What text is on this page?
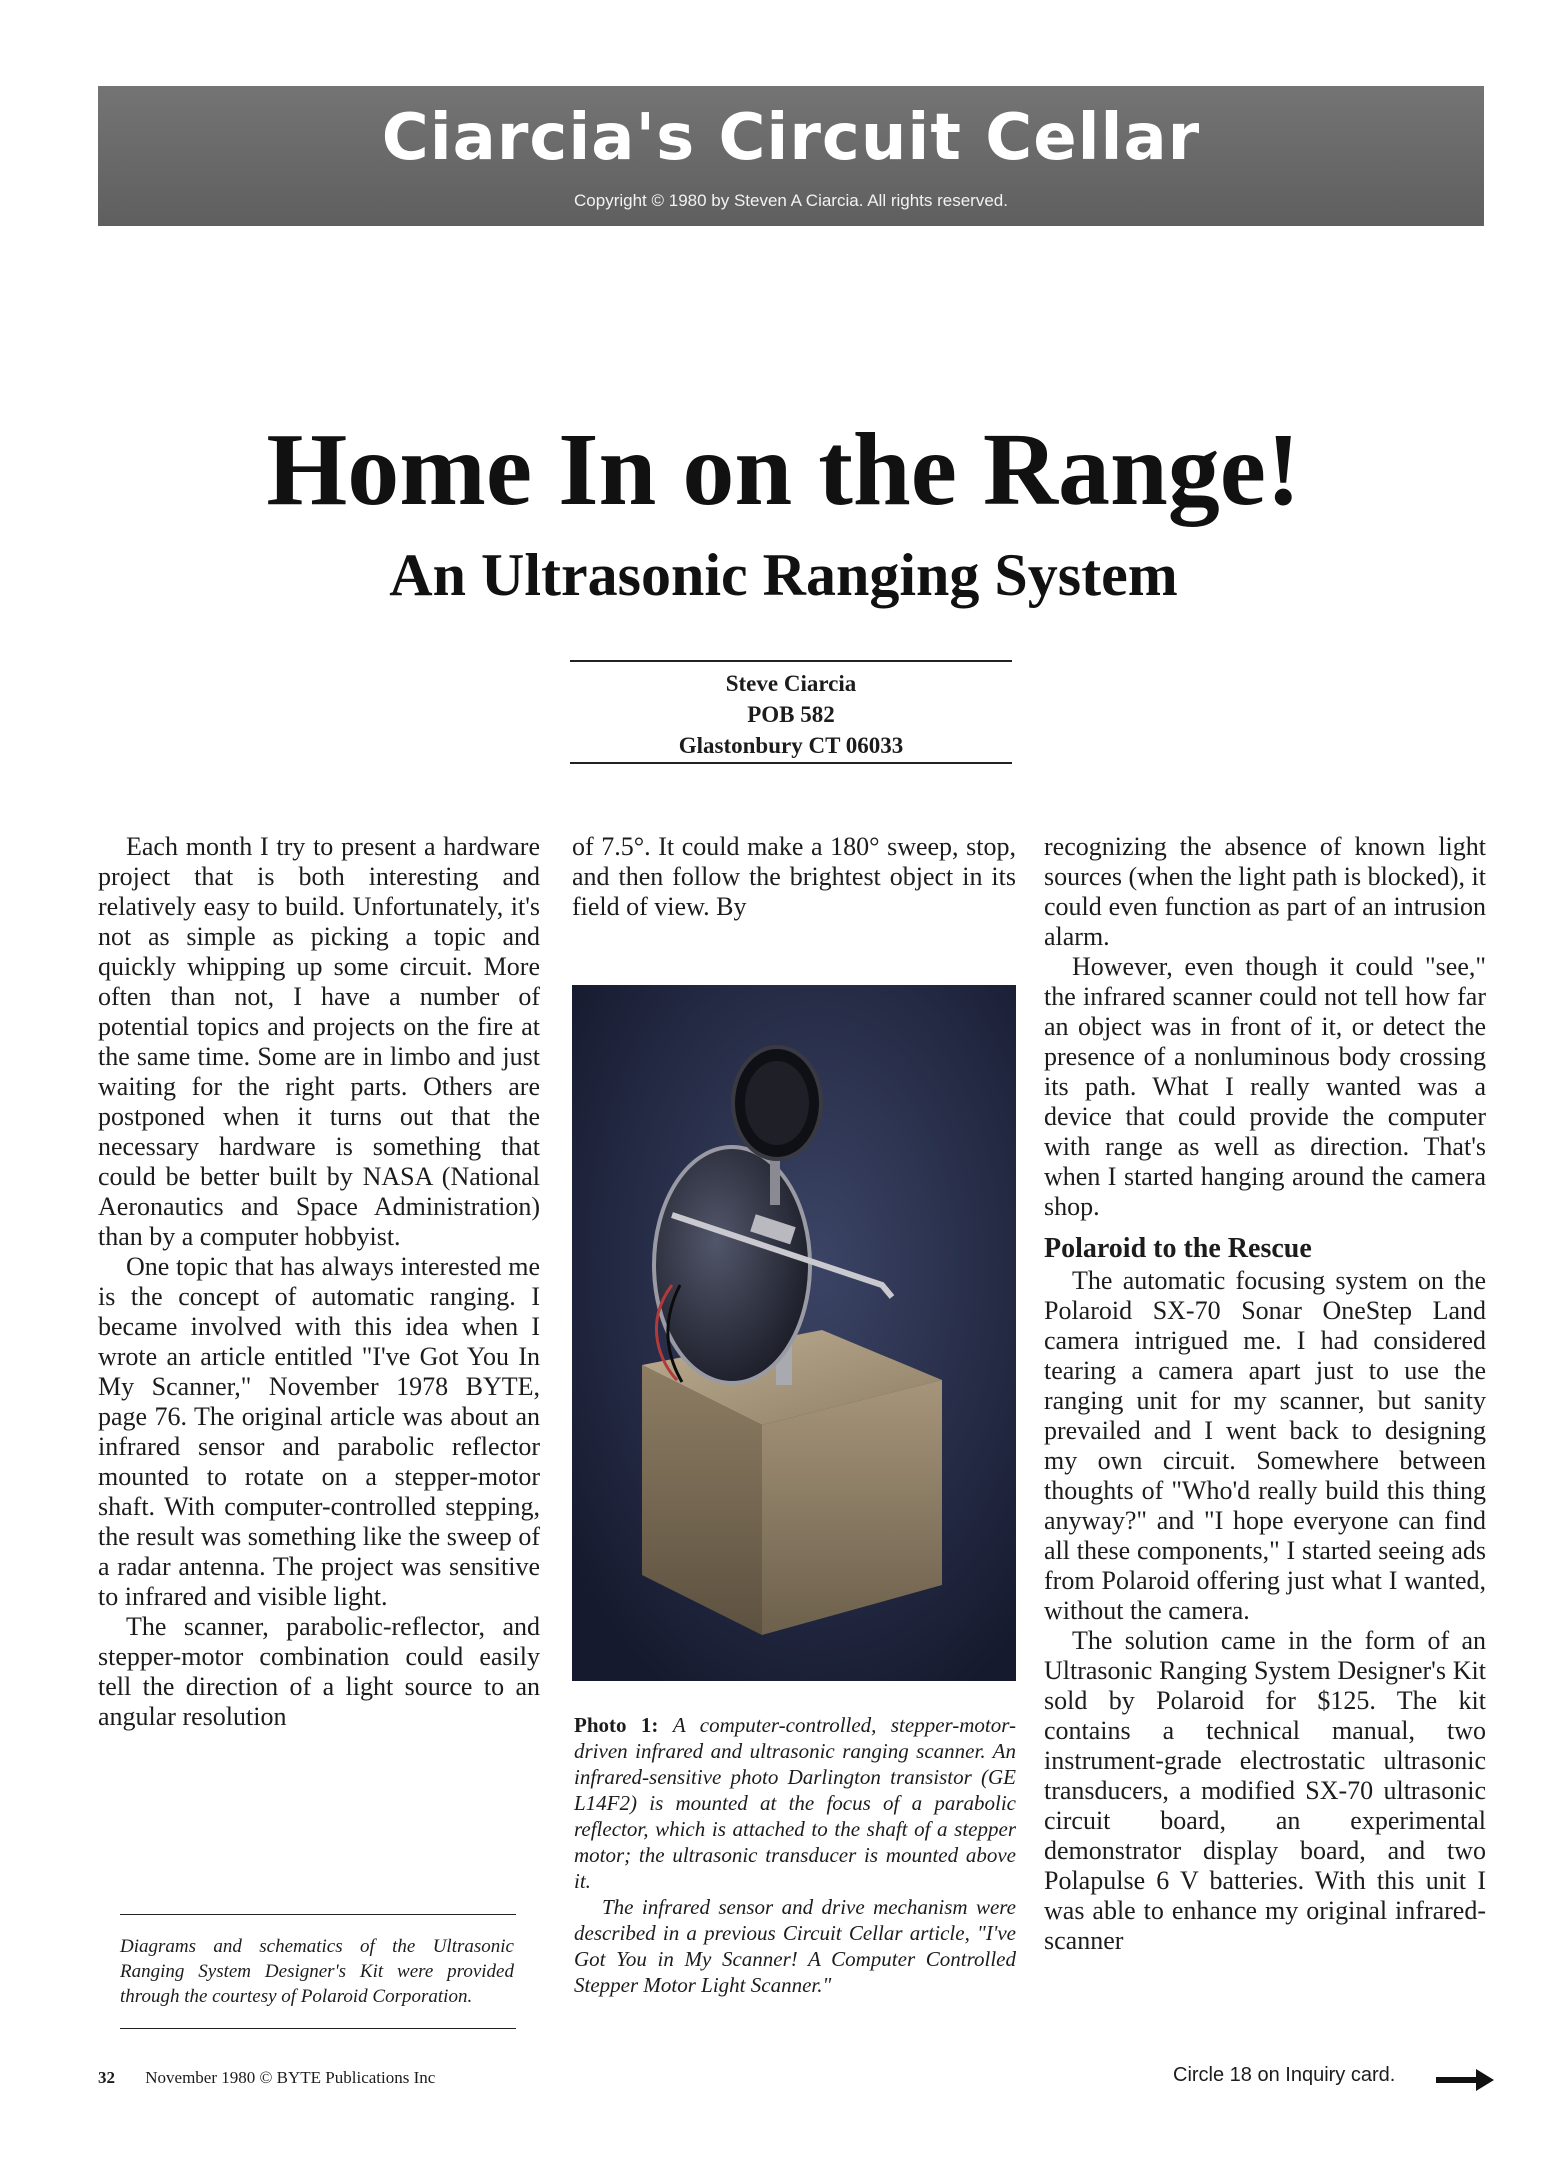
Ciarcia's Circuit Cellar
Copyright © 1980 by Steven A Ciarcia. All rights reserved.
Home In on the Range!
An Ultrasonic Ranging System
Steve Ciarcia
POB 582
Glastonbury CT 06033

Each month I try to present a hardware project that is both interesting and relatively easy to build. Unfortunately, it's not as simple as picking a topic and quickly whipping up some circuit. More often than not, I have a number of potential topics and projects on the fire at the same time. Some are in limbo and just waiting for the right parts. Others are postponed when it turns out that the necessary hardware is something that could be better built by NASA (National Aeronautics and Space Administration) than by a computer hobbyist.

One topic that has always interested me is the concept of automatic ranging. I became involved with this idea when I wrote an article entitled "I've Got You In My Scanner," November 1978 BYTE, page 76. The original article was about an infrared sensor and parabolic reflector mounted to rotate on a stepper-motor shaft. With computer-controlled stepping, the result was something like the sweep of a radar antenna. The project was sensitive to infrared and visible light.

The scanner, parabolic-reflector, and stepper-motor combination could easily tell the direction of a light source to an angular resolution

Diagrams and schematics of the Ultrasonic Ranging System Designer's Kit were provided through the courtesy of Polaroid Corporation.

of 7.5°. It could make a 180° sweep, stop, and then follow the brightest object in its field of view. By

Photo 1: A computer-controlled, stepper-motor-driven infrared and ultrasonic ranging scanner. An infrared-sensitive photo Darlington transistor (GE L14F2) is mounted at the focus of a parabolic reflector, which is attached to the shaft of a stepper motor; the ultrasonic transducer is mounted above it.

The infrared sensor and drive mechanism were described in a previous Circuit Cellar article, "I've Got You in My Scanner! A Computer Controlled Stepper Motor Light Scanner."

recognizing the absence of known light sources (when the light path is blocked), it could even function as part of an intrusion alarm.

However, even though it could "see," the infrared scanner could not tell how far an object was in front of it, or detect the presence of a nonluminous body crossing its path. What I really wanted was a device that could provide the computer with range as well as direction. That's when I started hanging around the camera shop.

Polaroid to the Rescue

The automatic focusing system on the Polaroid SX-70 Sonar OneStep Land camera intrigued me. I had considered tearing a camera apart just to use the ranging unit for my scanner, but sanity prevailed and I went back to designing my own circuit. Somewhere between thoughts of "Who'd really build this thing anyway?" and "I hope everyone can find all these components," I started seeing ads from Polaroid offering just what I wanted, without the camera.

The solution came in the form of an Ultrasonic Ranging System Designer's Kit sold by Polaroid for $125. The kit contains a technical manual, two instrument-grade electrostatic ultrasonic transducers, a modified SX-70 ultrasonic circuit board, an experimental demonstrator display board, and two Polapulse 6 V batteries. With this unit I was able to enhance my original infrared-scanner

32 November 1980 © BYTE Publications Inc	Circle 18 on Inquiry card.
